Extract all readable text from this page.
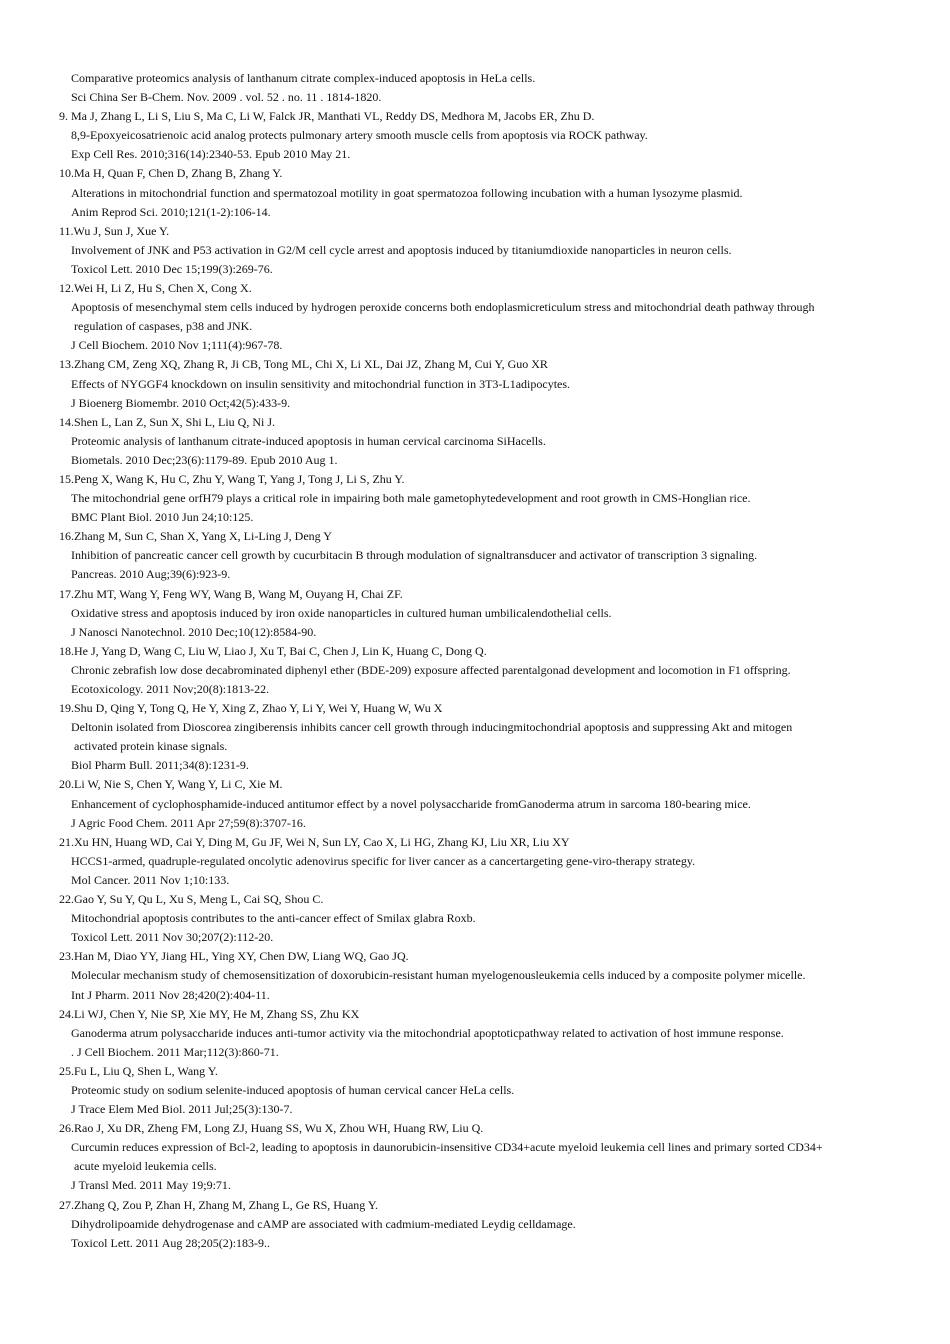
Comparative proteomics analysis of lanthanum citrate complex-induced apoptosis in HeLa cells.
Sci China Ser B-Chem. Nov. 2009 . vol. 52 . no. 11 . 1814-1820.
9. Ma J, Zhang L, Li S, Liu S, Ma C, Li W, Falck JR, Manthati VL, Reddy DS, Medhora M, Jacobs ER, Zhu D.
8,9-Epoxyeicosatrienoic acid analog protects pulmonary artery smooth muscle cells from apoptosis via ROCK pathway.
Exp Cell Res. 2010;316(14):2340-53. Epub 2010 May 21.
10.Ma H, Quan F, Chen D, Zhang B, Zhang Y.
Alterations in mitochondrial function and spermatozoal motility in goat spermatozoa following incubation with a human lysozyme plasmid.
Anim Reprod Sci. 2010;121(1-2):106-14.
11.Wu J, Sun J, Xue Y.
Involvement of JNK and P53 activation in G2/M cell cycle arrest and apoptosis induced by titaniumdioxide nanoparticles in neuron cells.
Toxicol Lett. 2010 Dec 15;199(3):269-76.
12.Wei H, Li Z, Hu S, Chen X, Cong X.
Apoptosis of mesenchymal stem cells induced by hydrogen peroxide concerns both endoplasmicreticulum stress and mitochondrial death pathway through
regulation of caspases, p38 and JNK.
J Cell Biochem. 2010 Nov 1;111(4):967-78.
13.Zhang CM, Zeng XQ, Zhang R, Ji CB, Tong ML, Chi X, Li XL, Dai JZ, Zhang M, Cui Y, Guo XR
Effects of NYGGF4 knockdown on insulin sensitivity and mitochondrial function in 3T3-L1adipocytes.
J Bioenerg Biomembr. 2010 Oct;42(5):433-9.
14.Shen L, Lan Z, Sun X, Shi L, Liu Q, Ni J.
Proteomic analysis of lanthanum citrate-induced apoptosis in human cervical carcinoma SiHacells.
Biometals. 2010 Dec;23(6):1179-89. Epub 2010 Aug 1.
15.Peng X, Wang K, Hu C, Zhu Y, Wang T, Yang J, Tong J, Li S, Zhu Y.
The mitochondrial gene orfH79 plays a critical role in impairing both male gametophytedevelopment and root growth in CMS-Honglian rice.
BMC Plant Biol. 2010 Jun 24;10:125.
16.Zhang M, Sun C, Shan X, Yang X, Li-Ling J, Deng Y
Inhibition of pancreatic cancer cell growth by cucurbitacin B through modulation of signaltransducer and activator of transcription 3 signaling.
Pancreas. 2010 Aug;39(6):923-9.
17.Zhu MT, Wang Y, Feng WY, Wang B, Wang M, Ouyang H, Chai ZF.
Oxidative stress and apoptosis induced by iron oxide nanoparticles in cultured human umbilicalendothelial cells.
J Nanosci Nanotechnol. 2010 Dec;10(12):8584-90.
18.He J, Yang D, Wang C, Liu W, Liao J, Xu T, Bai C, Chen J, Lin K, Huang C, Dong Q.
Chronic zebrafish low dose decabrominated diphenyl ether (BDE-209) exposure affected parentalgonad development and locomotion in F1 offspring.
Ecotoxicology. 2011 Nov;20(8):1813-22.
19.Shu D, Qing Y, Tong Q, He Y, Xing Z, Zhao Y, Li Y, Wei Y, Huang W, Wu X
Deltonin isolated from Dioscorea zingiberensis inhibits cancer cell growth through inducingmitochondrial apoptosis and suppressing Akt and mitogen
activated protein kinase signals.
Biol Pharm Bull. 2011;34(8):1231-9.
20.Li W, Nie S, Chen Y, Wang Y, Li C, Xie M.
Enhancement of cyclophosphamide-induced antitumor effect by a novel polysaccharide fromGanoderma atrum in sarcoma 180-bearing mice.
J Agric Food Chem. 2011 Apr 27;59(8):3707-16.
21.Xu HN, Huang WD, Cai Y, Ding M, Gu JF, Wei N, Sun LY, Cao X, Li HG, Zhang KJ, Liu XR, Liu XY
HCCS1-armed, quadruple-regulated oncolytic adenovirus specific for liver cancer as a cancertargeting gene-viro-therapy strategy.
Mol Cancer. 2011 Nov 1;10:133.
22.Gao Y, Su Y, Qu L, Xu S, Meng L, Cai SQ, Shou C.
Mitochondrial apoptosis contributes to the anti-cancer effect of Smilax glabra Roxb.
Toxicol Lett. 2011 Nov 30;207(2):112-20.
23.Han M, Diao YY, Jiang HL, Ying XY, Chen DW, Liang WQ, Gao JQ.
Molecular mechanism study of chemosensitization of doxorubicin-resistant human myelogenousleukemia cells induced by a composite polymer micelle.
Int J Pharm. 2011 Nov 28;420(2):404-11.
24.Li WJ, Chen Y, Nie SP, Xie MY, He M, Zhang SS, Zhu KX
Ganoderma atrum polysaccharide induces anti-tumor activity via the mitochondrial apoptoticpathway related to activation of host immune response.
. J Cell Biochem. 2011 Mar;112(3):860-71.
25.Fu L, Liu Q, Shen L, Wang Y.
Proteomic study on sodium selenite-induced apoptosis of human cervical cancer HeLa cells.
J Trace Elem Med Biol. 2011 Jul;25(3):130-7.
26.Rao J, Xu DR, Zheng FM, Long ZJ, Huang SS, Wu X, Zhou WH, Huang RW, Liu Q.
Curcumin reduces expression of Bcl-2, leading to apoptosis in daunorubicin-insensitive CD34+acute myeloid leukemia cell lines and primary sorted CD34+
acute myeloid leukemia cells.
J Transl Med. 2011 May 19;9:71.
27.Zhang Q, Zou P, Zhan H, Zhang M, Zhang L, Ge RS, Huang Y.
Dihydrolipoamide dehydrogenase and cAMP are associated with cadmium-mediated Leydig celldamage.
Toxicol Lett. 2011 Aug 28;205(2):183-9..
